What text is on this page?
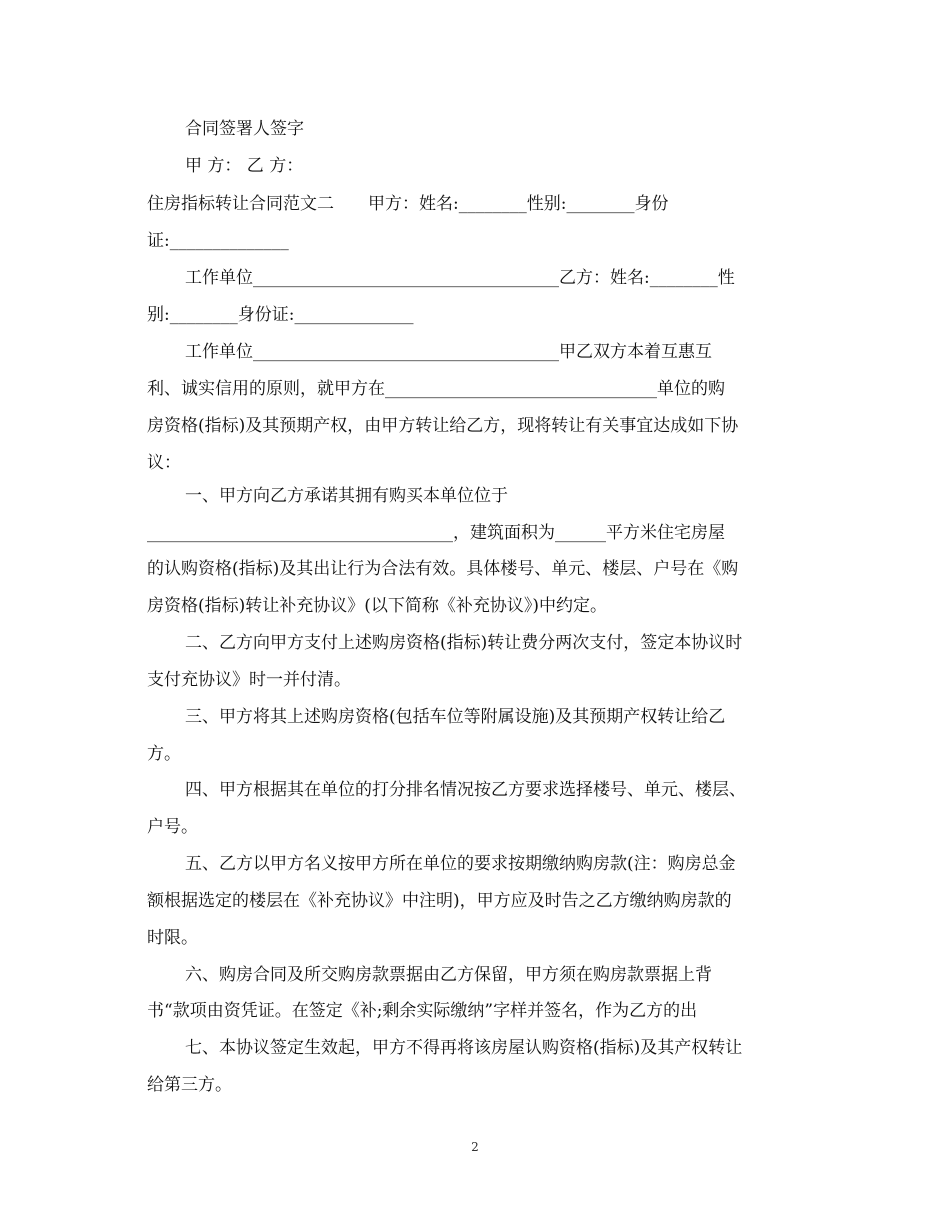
合同签署人签字
甲 方： 乙 方：
住房指标转让合同范文二　　甲方：姓名:________性别:________身份
证:______________
工作单位____________________________________乙方：姓名:________性
别:________身份证:______________
工作单位____________________________________甲乙双方本着互惠互
利、诚实信用的原则，就甲方在________________________________单位的购
房资格(指标)及其预期产权，由甲方转让给乙方，现将转让有关事宜达成如下协
议：
一、甲方向乙方承诺其拥有购买本单位位于
____________________________________，建筑面积为______平方米住宅房屋
的认购资格(指标)及其出让行为合法有效。具体楼号、单元、楼层、户号在《购
房资格(指标)转让补充协议》(以下简称《补充协议》)中约定。
二、乙方向甲方支付上述购房资格(指标)转让费分两次支付，签定本协议时
支付充协议》时一并付清。
三、甲方将其上述购房资格(包括车位等附属设施)及其预期产权转让给乙
方。
四、甲方根据其在单位的打分排名情况按乙方要求选择楼号、单元、楼层、
户号。
五、乙方以甲方名义按甲方所在单位的要求按期缴纳购房款(注：购房总金
额根据选定的楼层在《补充协议》中注明)，甲方应及时告之乙方缴纳购房款的
时限。
六、购房合同及所交购房款票据由乙方保留，甲方须在购房款票据上背
书“款项由资凭证。在签定《补;剩余实际缴纳”字样并签名，作为乙方的出
七、本协议签定生效起，甲方不得再将该房屋认购资格(指标)及其产权转让
给第三方。
2
